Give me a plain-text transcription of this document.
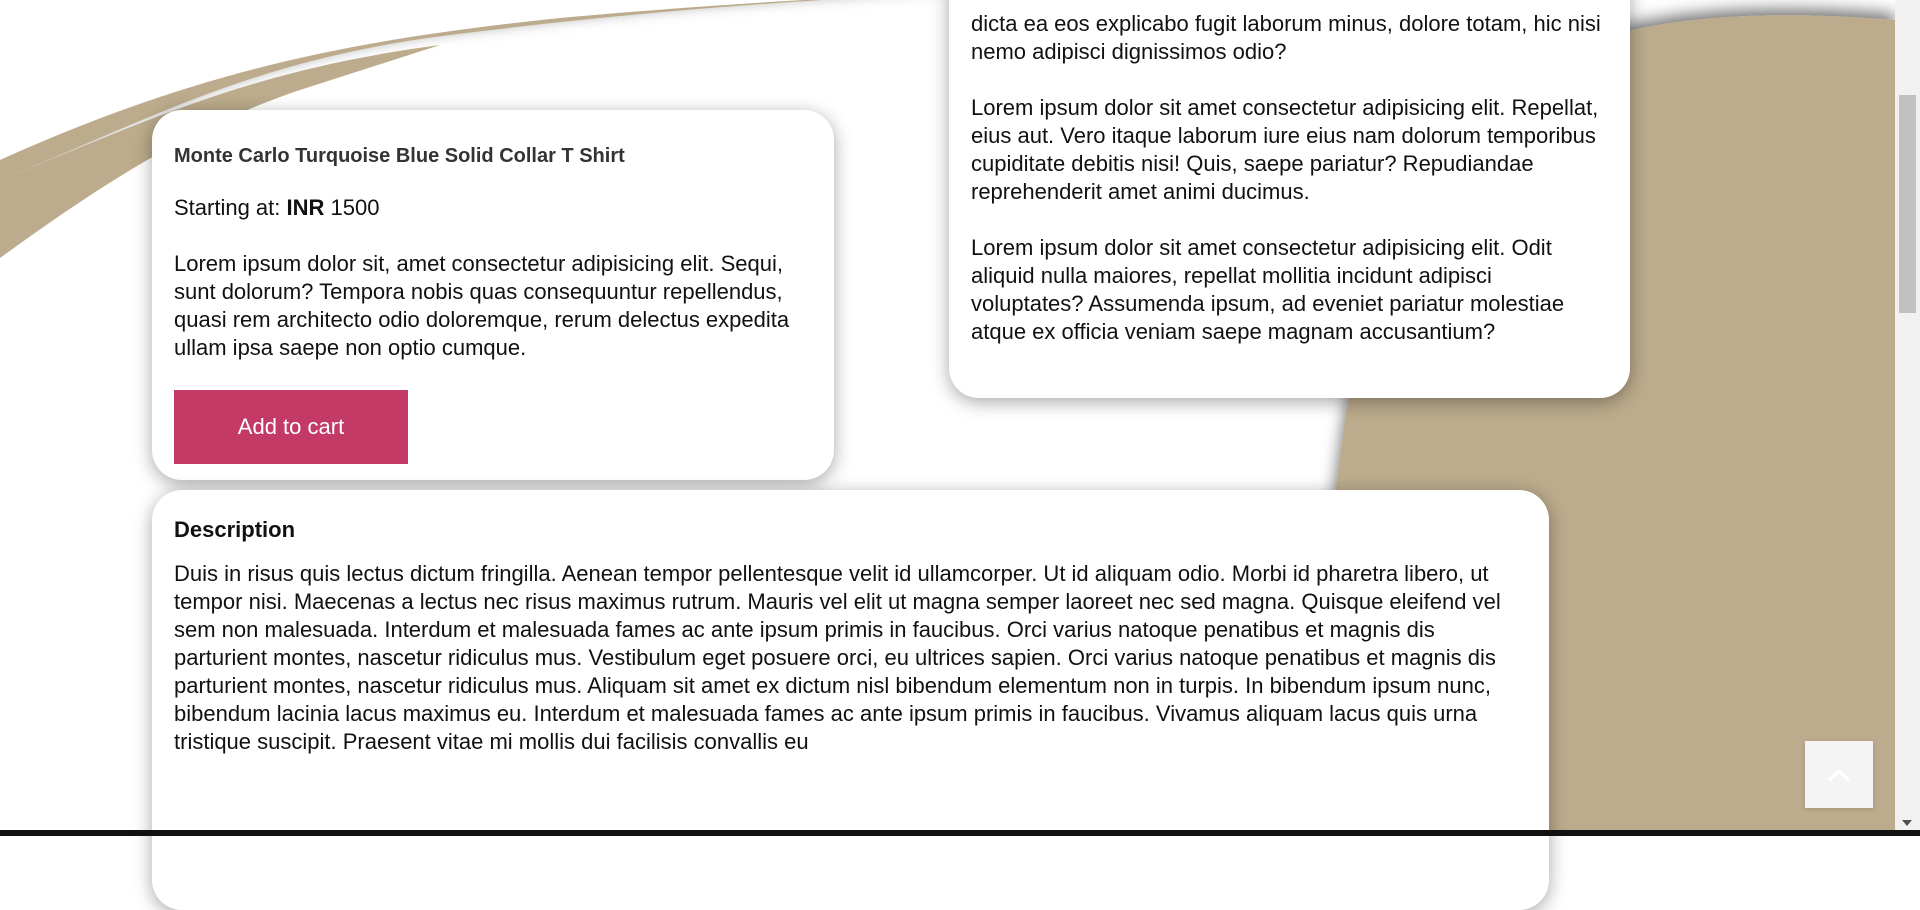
Monte Carlo Turquoise Blue Solid Collar T Shirt

Starting at: INR 1500

Lorem ipsum dolor sit, amet consectetur adipisicing elit. Sequi, sunt dolorum? Tempora nobis quas consequuntur repellendus, quasi rem architecto odio doloremque, rerum delectus expedita ullam ipsa saepe non optio cumque.

Add to cart

dicta ea eos explicabo fugit laborum minus, dolore totam, hic nisi nemo adipisci dignissimos odio?

Lorem ipsum dolor sit amet consectetur adipisicing elit. Repellat, eius aut. Vero itaque laborum iure eius nam dolorum temporibus cupiditate debitis nisi! Quis, saepe pariatur? Repudiandae reprehenderit amet animi ducimus.

Lorem ipsum dolor sit amet consectetur adipisicing elit. Odit aliquid nulla maiores, repellat mollitia incidunt adipisci voluptates? Assumenda ipsum, ad eveniet pariatur molestiae atque ex officia veniam saepe magnam accusantium?

Description

Duis in risus quis lectus dictum fringilla. Aenean tempor pellentesque velit id ullamcorper. Ut id aliquam odio. Morbi id pharetra libero, ut tempor nisi. Maecenas a lectus nec risus maximus rutrum. Mauris vel elit ut magna semper laoreet nec sed magna. Quisque eleifend vel sem non malesuada. Interdum et malesuada fames ac ante ipsum primis in faucibus. Orci varius natoque penatibus et magnis dis parturient montes, nascetur ridiculus mus. Vestibulum eget posuere orci, eu ultrices sapien. Orci varius natoque penatibus et magnis dis parturient montes, nascetur ridiculus mus. Aliquam sit amet ex dictum nisl bibendum elementum non in turpis. In bibendum ipsum nunc, bibendum lacinia lacus maximus eu. Interdum et malesuada fames ac ante ipsum primis in faucibus. Vivamus aliquam lacus quis urna tristique suscipit. Praesent vitae mi mollis dui facilisis convallis eu
